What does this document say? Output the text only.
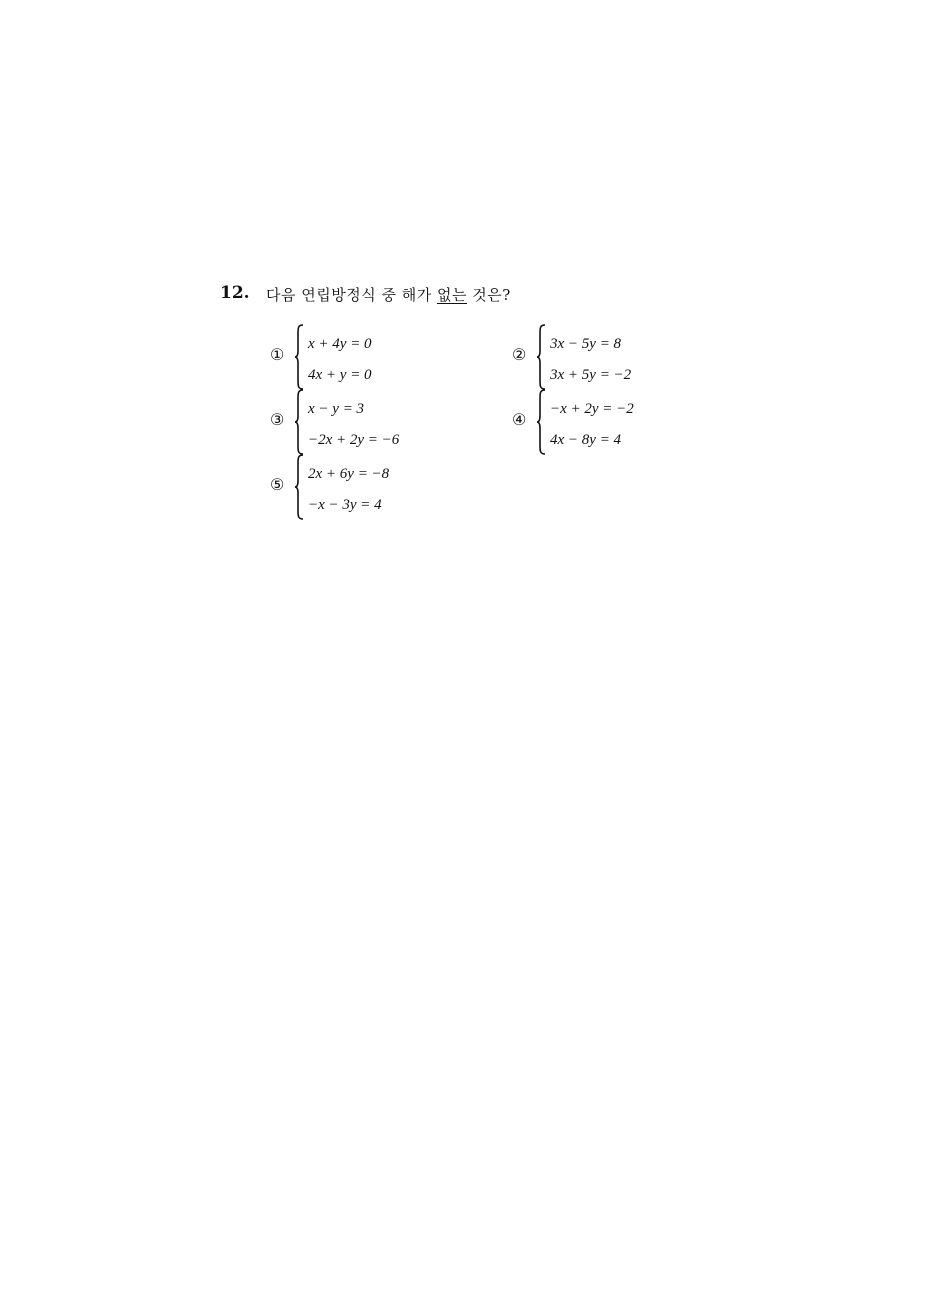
12. 다음 연립방정식 중 해가 없는 것은?
①
x + 4y = 0
4x + y = 0
②
3x − 5y = 8
3x + 5y = −2
③
x − y = 3
−2x + 2y = −6
④
−x + 2y = −2
4x − 8y = 4
⑤
2x + 6y = −8
−x − 3y = 4
